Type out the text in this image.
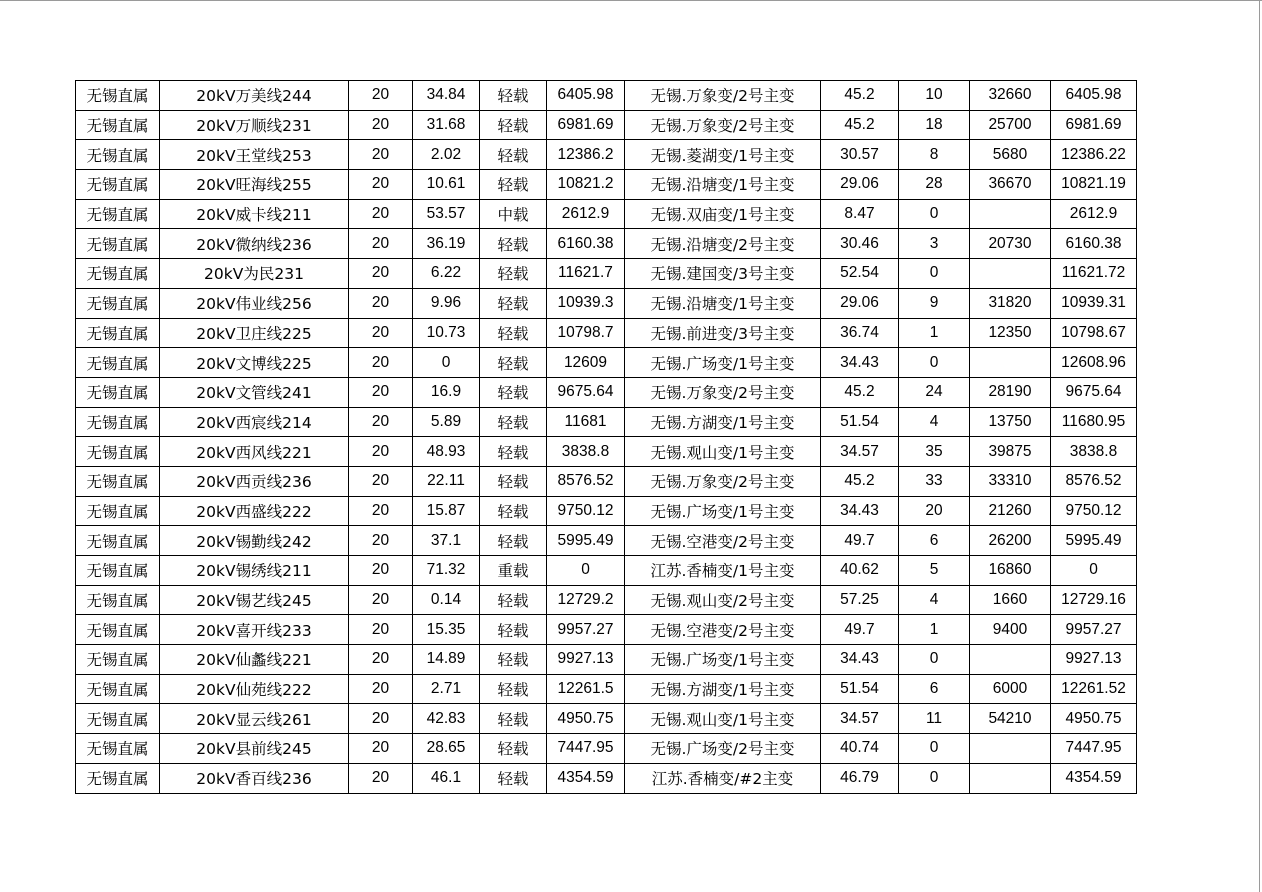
无锡直属	20kV万美线244	20	34.84	轻载	6405.98	无锡.万象变/2号主变	45.2	10	32660	6405.98
无锡直属	20kV万顺线231	20	31.68	轻载	6981.69	无锡.万象变/2号主变	45.2	18	25700	6981.69
无锡直属	20kV王堂线253	20	2.02	轻载	12386.2	无锡.菱湖变/1号主变	30.57	8	5680	12386.22
无锡直属	20kV旺海线255	20	10.61	轻载	10821.2	无锡.沿塘变/1号主变	29.06	28	36670	10821.19
无锡直属	20kV威卡线211	20	53.57	中载	2612.9	无锡.双庙变/1号主变	8.47	0		2612.9
无锡直属	20kV微纳线236	20	36.19	轻载	6160.38	无锡.沿塘变/2号主变	30.46	3	20730	6160.38
无锡直属	20kV为民231	20	6.22	轻载	11621.7	无锡.建国变/3号主变	52.54	0		11621.72
无锡直属	20kV伟业线256	20	9.96	轻载	10939.3	无锡.沿塘变/1号主变	29.06	9	31820	10939.31
无锡直属	20kV卫庄线225	20	10.73	轻载	10798.7	无锡.前进变/3号主变	36.74	1	12350	10798.67
无锡直属	20kV文博线225	20	0	轻载	12609	无锡.广场变/1号主变	34.43	0		12608.96
无锡直属	20kV文管线241	20	16.9	轻载	9675.64	无锡.万象变/2号主变	45.2	24	28190	9675.64
无锡直属	20kV西宸线214	20	5.89	轻载	11681	无锡.方湖变/1号主变	51.54	4	13750	11680.95
无锡直属	20kV西风线221	20	48.93	轻载	3838.8	无锡.观山变/1号主变	34.57	35	39875	3838.8
无锡直属	20kV西贡线236	20	22.11	轻载	8576.52	无锡.万象变/2号主变	45.2	33	33310	8576.52
无锡直属	20kV西盛线222	20	15.87	轻载	9750.12	无锡.广场变/1号主变	34.43	20	21260	9750.12
无锡直属	20kV锡勤线242	20	37.1	轻载	5995.49	无锡.空港变/2号主变	49.7	6	26200	5995.49
无锡直属	20kV锡绣线211	20	71.32	重载	0	江苏.香楠变/1号主变	40.62	5	16860	0
无锡直属	20kV锡艺线245	20	0.14	轻载	12729.2	无锡.观山变/2号主变	57.25	4	1660	12729.16
无锡直属	20kV喜开线233	20	15.35	轻载	9957.27	无锡.空港变/2号主变	49.7	1	9400	9957.27
无锡直属	20kV仙蠡线221	20	14.89	轻载	9927.13	无锡.广场变/1号主变	34.43	0		9927.13
无锡直属	20kV仙苑线222	20	2.71	轻载	12261.5	无锡.方湖变/1号主变	51.54	6	6000	12261.52
无锡直属	20kV显云线261	20	42.83	轻载	4950.75	无锡.观山变/1号主变	34.57	11	54210	4950.75
无锡直属	20kV县前线245	20	28.65	轻载	7447.95	无锡.广场变/2号主变	40.74	0		7447.95
无锡直属	20kV香百线236	20	46.1	轻载	4354.59	江苏.香楠变/#2主变	46.79	0		4354.59
